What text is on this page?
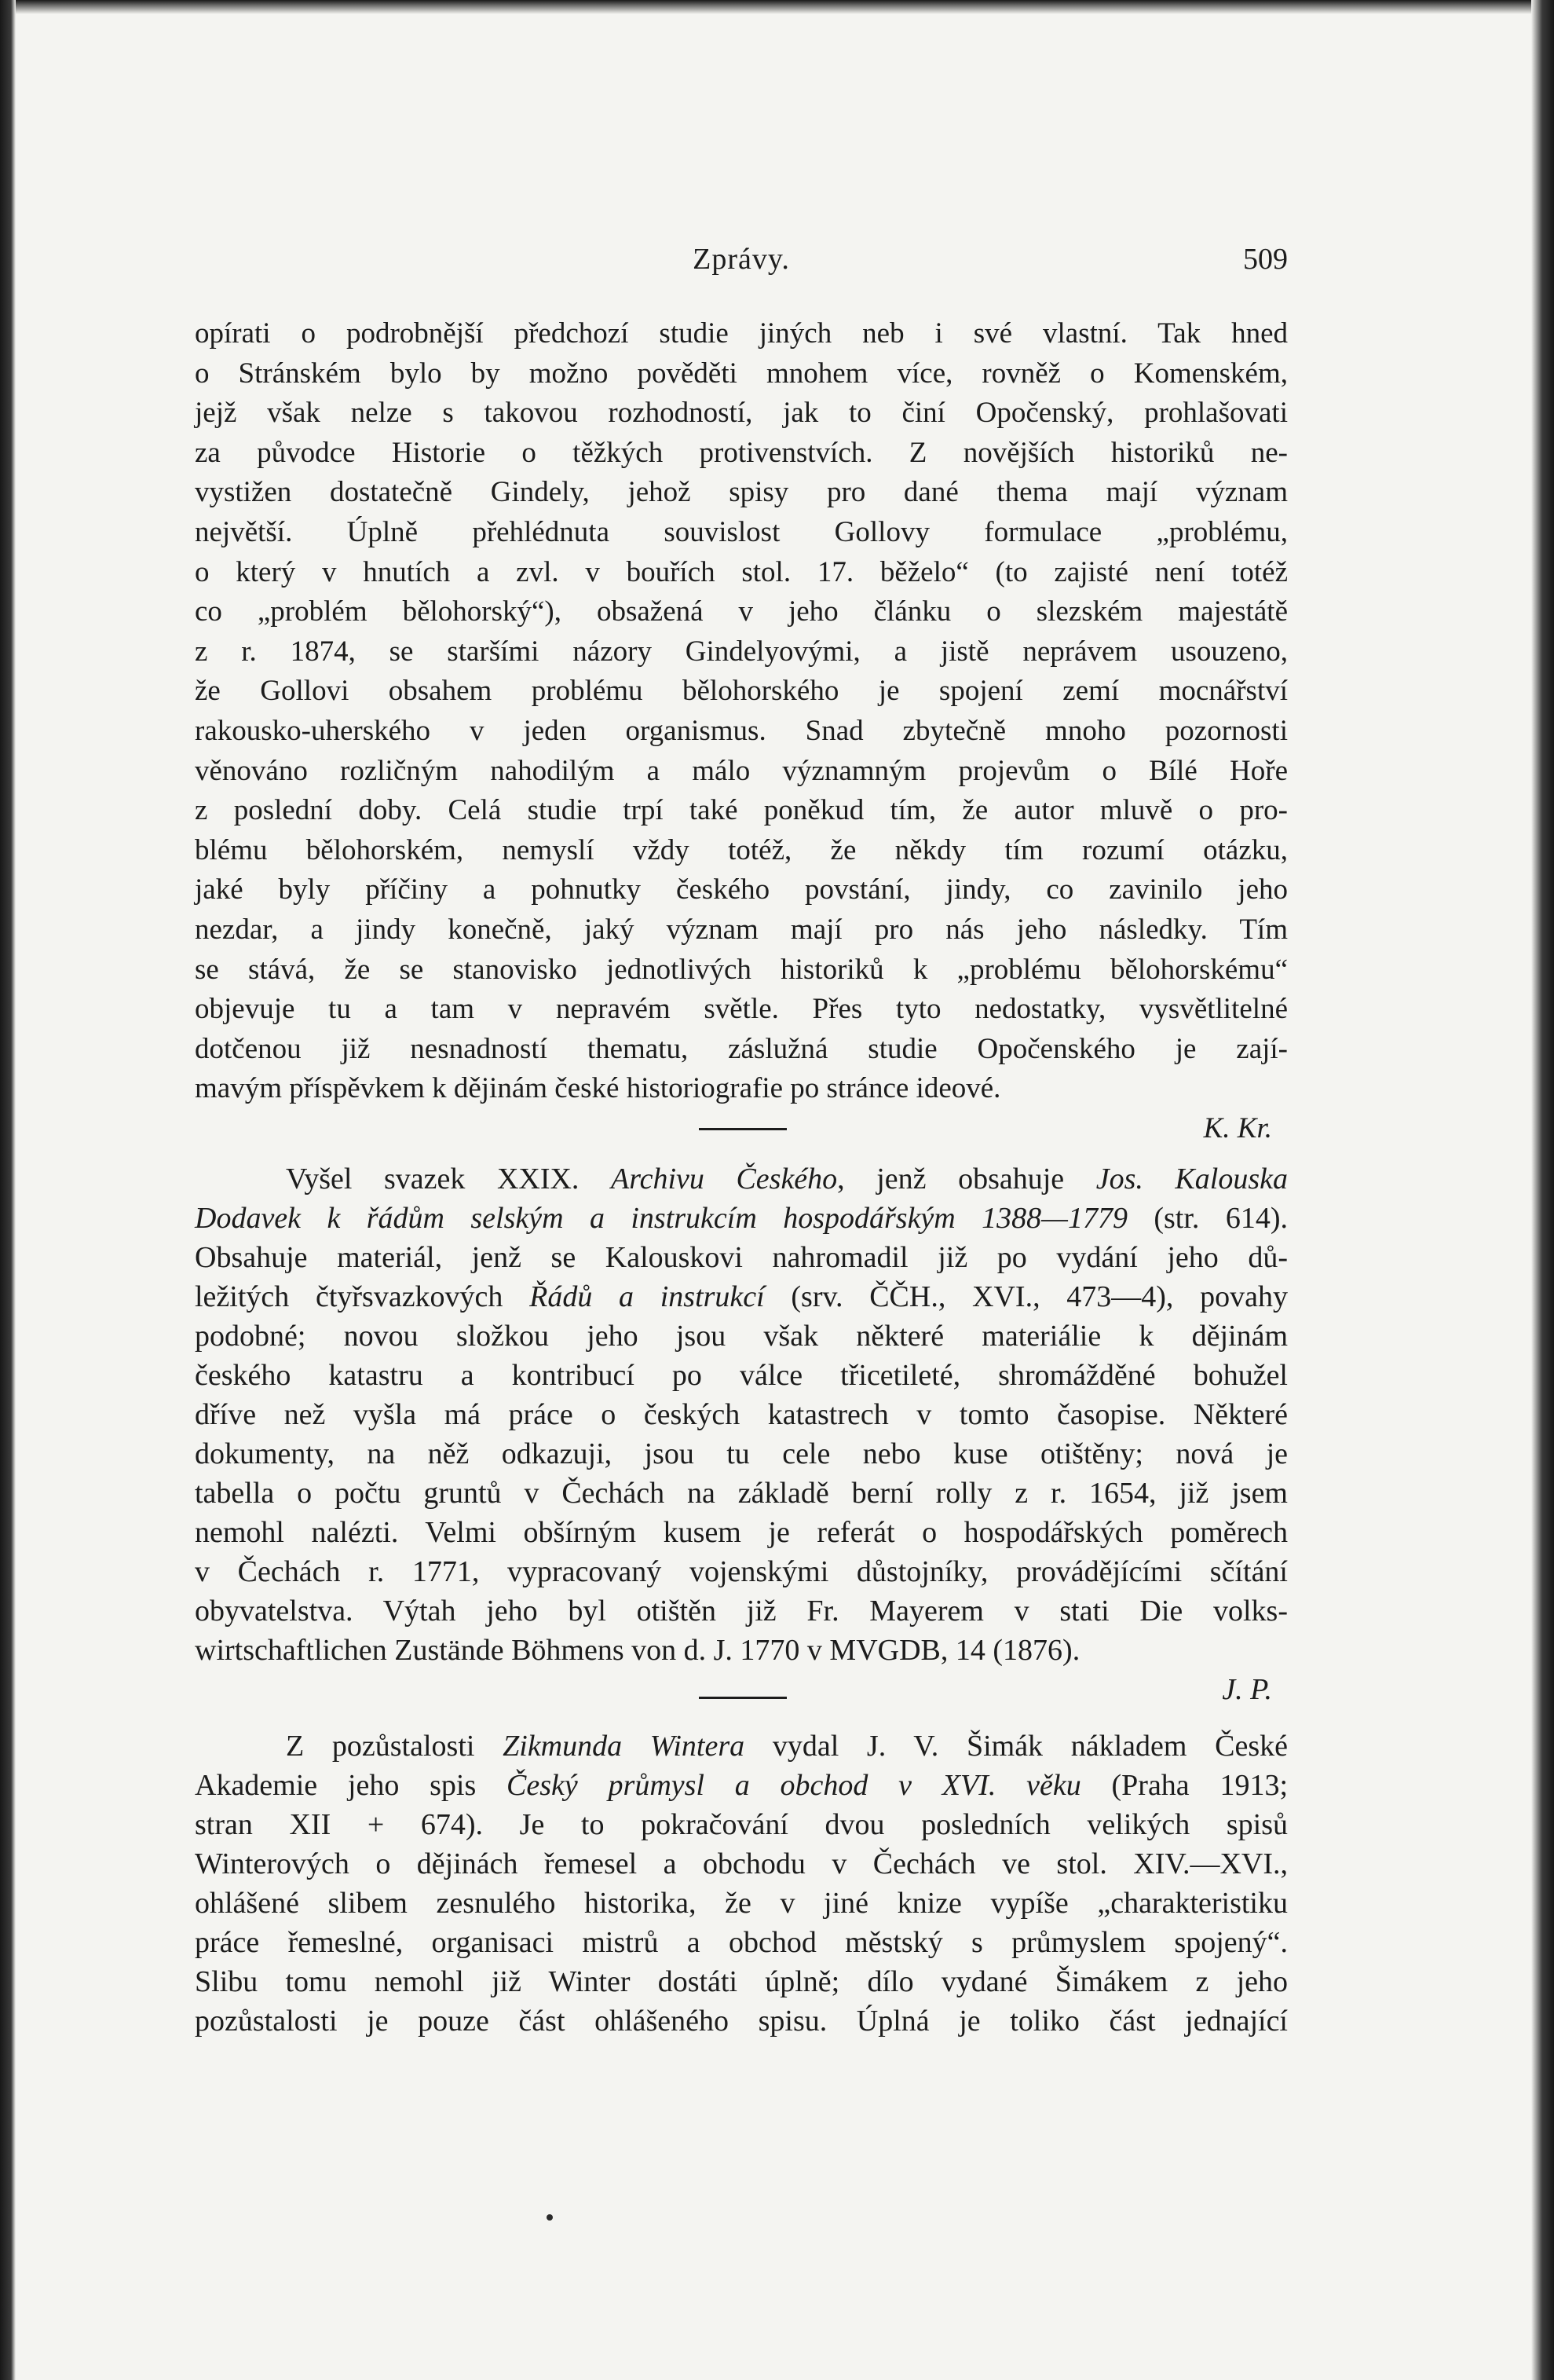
Zprávy.	509
opírati o podrobnější předchozí studie jiných neb i své vlastní. Tak hned
o Stránském bylo by možno pověděti mnohem více, rovněž o Komenském,
jejž však nelze s takovou rozhodností, jak to činí Opočenský, prohlašovati
za původce Historie o těžkých protivenstvích. Z novějších historiků ne-
vystižen dostatečně Gindely, jehož spisy pro dané thema mají význam
největší. Úplně přehlédnuta souvislost Gollovy formulace „problému,
o který v hnutích a zvl. v bouřích stol. 17. běželo“ (to zajisté není totéž
co „problém bělohorský“), obsažená v jeho článku o slezském majestátě
z r. 1874, se staršími názory Gindelyovými, a jistě neprávem usouzeno,
že Gollovi obsahem problému bělohorského je spojení zemí mocnářství
rakousko-uherského v jeden organismus. Snad zbytečně mnoho pozornosti
věnováno rozličným nahodilým a málo významným projevům o Bílé Hoře
z poslední doby. Celá studie trpí také poněkud tím, že autor mluvě o pro-
blému bělohorském, nemyslí vždy totéž, že někdy tím rozumí otázku,
jaké byly příčiny a pohnutky českého povstání, jindy, co zavinilo jeho
nezdar, a jindy konečně, jaký význam mají pro nás jeho následky. Tím
se stává, že se stanovisko jednotlivých historiků k „problému bělohorskému“
objevuje tu a tam v nepravém světle. Přes tyto nedostatky, vysvětlitelné
dotčenou již nesnadností thematu, záslužná studie Opočenského je zají-
mavým příspěvkem k dějinám české historiografie po stránce ideové.
K. Kr.
Vyšel svazek XXIX. Archivu Českého, jenž obsahuje Jos. Kalouska
Dodavek k řádům selským a instrukcím hospodářským 1388—1779 (str. 614).
Obsahuje materiál, jenž se Kalouskovi nahromadil již po vydání jeho dů-
ležitých čtyřsvazkových Řádů a instrukcí (srv. ČČH., XVI., 473—4), povahy
podobné; novou složkou jeho jsou však některé materiálie k dějinám
českého katastru a kontribucí po válce třicetileté, shromážděné bohužel
dříve než vyšla má práce o českých katastrech v tomto časopise. Některé
dokumenty, na něž odkazuji, jsou tu cele nebo kuse otištěny; nová je
tabella o počtu gruntů v Čechách na základě berní rolly z r. 1654, již jsem
nemohl nalézti. Velmi obšírným kusem je referát o hospodářských poměrech
v Čechách r. 1771, vypracovaný vojenskými důstojníky, provádějícími sčítání
obyvatelstva. Výtah jeho byl otištěn již Fr. Mayerem v stati Die volks-
wirtschaftlichen Zustände Böhmens von d. J. 1770 v MVGDB, 14 (1876).
J. P.
Z pozůstalosti Zikmunda Wintera vydal J. V. Šimák nákladem České
Akademie jeho spis Český průmysl a obchod v XVI. věku (Praha 1913;
stran XII + 674). Je to pokračování dvou posledních velikých spisů
Winterových o dějinách řemesel a obchodu v Čechách ve stol. XIV.—XVI.,
ohlášené slibem zesnulého historika, že v jiné knize vypíše „charakteristiku
práce řemeslné, organisaci mistrů a obchod městský s průmyslem spojený“.
Slibu tomu nemohl již Winter dostáti úplně; dílo vydané Šimákem z jeho
pozůstalosti je pouze část ohlášeného spisu. Úplná je toliko část jednající
